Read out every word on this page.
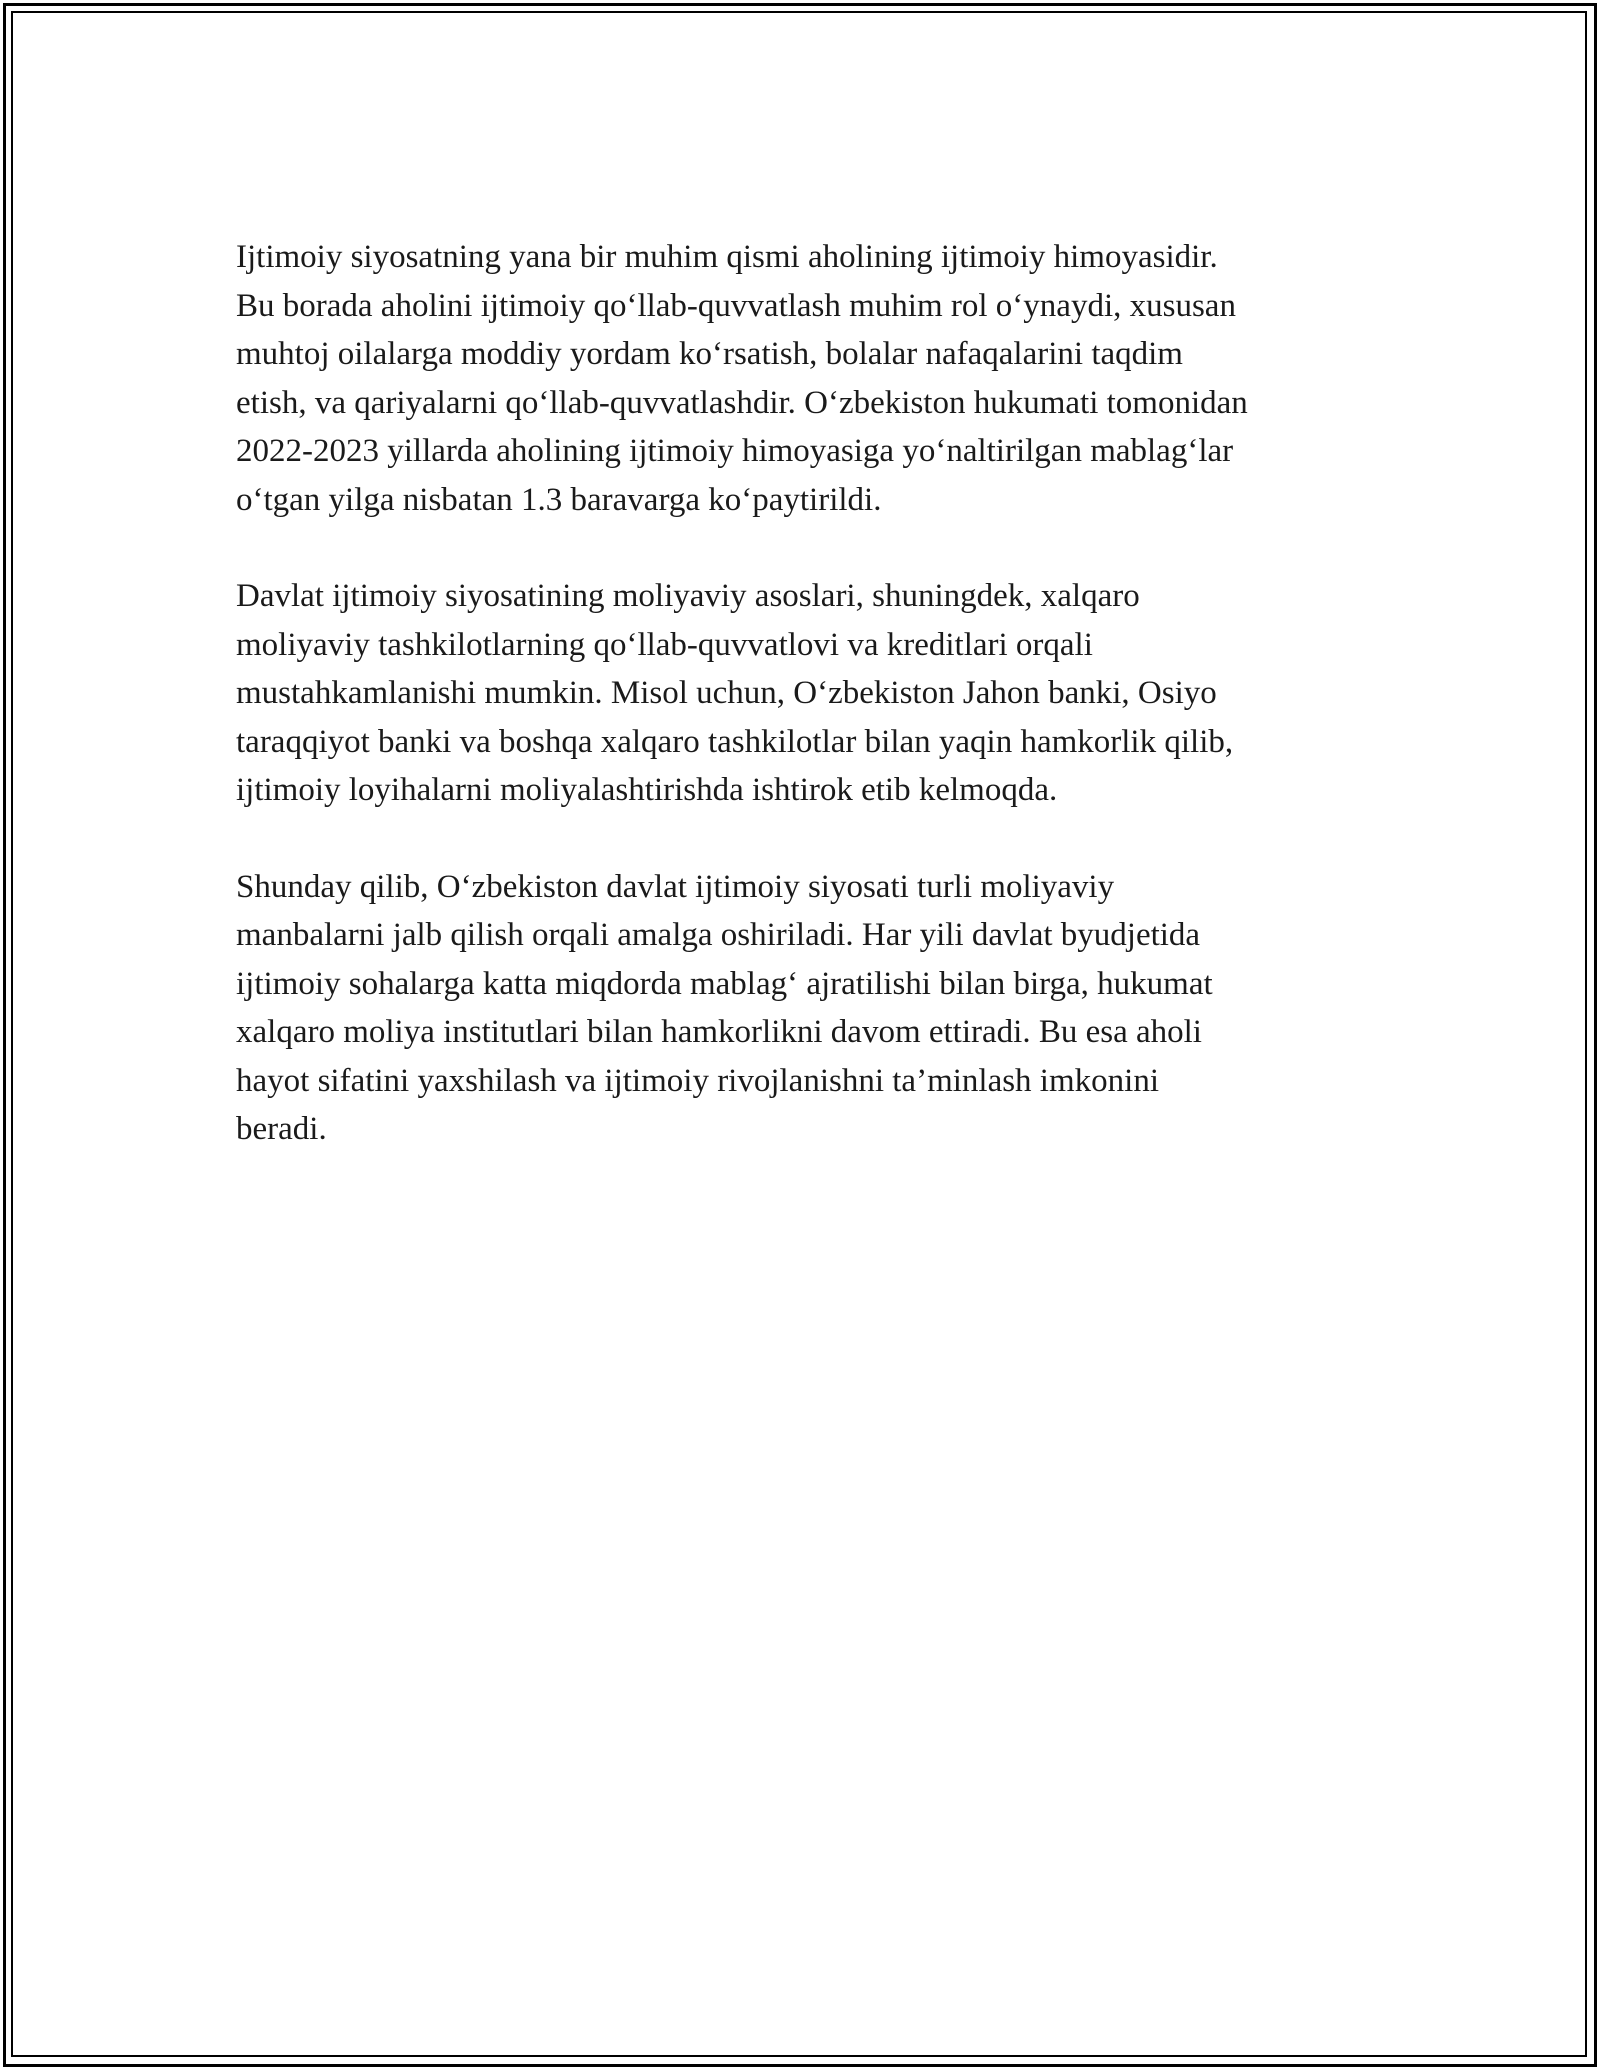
Ijtimoiy siyosatning yana bir muhim qismi aholining ijtimoiy himoyasidir.
Bu borada aholini ijtimoiy qo‘llab-quvvatlash muhim rol o‘ynaydi, xususan
muhtoj oilalarga moddiy yordam ko‘rsatish, bolalar nafaqalarini taqdim
etish, va qariyalarni qo‘llab-quvvatlashdir. O‘zbekiston hukumati tomonidan
2022-2023 yillarda aholining ijtimoiy himoyasiga yo‘naltirilgan mablag‘lar
o‘tgan yilga nisbatan 1.3 baravarga ko‘paytirildi.

Davlat ijtimoiy siyosatining moliyaviy asoslari, shuningdek, xalqaro
moliyaviy tashkilotlarning qo‘llab-quvvatlovi va kreditlari orqali
mustahkamlanishi mumkin. Misol uchun, O‘zbekiston Jahon banki, Osiyo
taraqqiyot banki va boshqa xalqaro tashkilotlar bilan yaqin hamkorlik qilib,
ijtimoiy loyihalarni moliyalashtirishda ishtirok etib kelmoqda.

Shunday qilib, O‘zbekiston davlat ijtimoiy siyosati turli moliyaviy
manbalarni jalb qilish orqali amalga oshiriladi. Har yili davlat byudjetida
ijtimoiy sohalarga katta miqdorda mablag‘ ajratilishi bilan birga, hukumat
xalqaro moliya institutlari bilan hamkorlikni davom ettiradi. Bu esa aholi
hayot sifatini yaxshilash va ijtimoiy rivojlanishni ta’minlash imkonini
beradi.
